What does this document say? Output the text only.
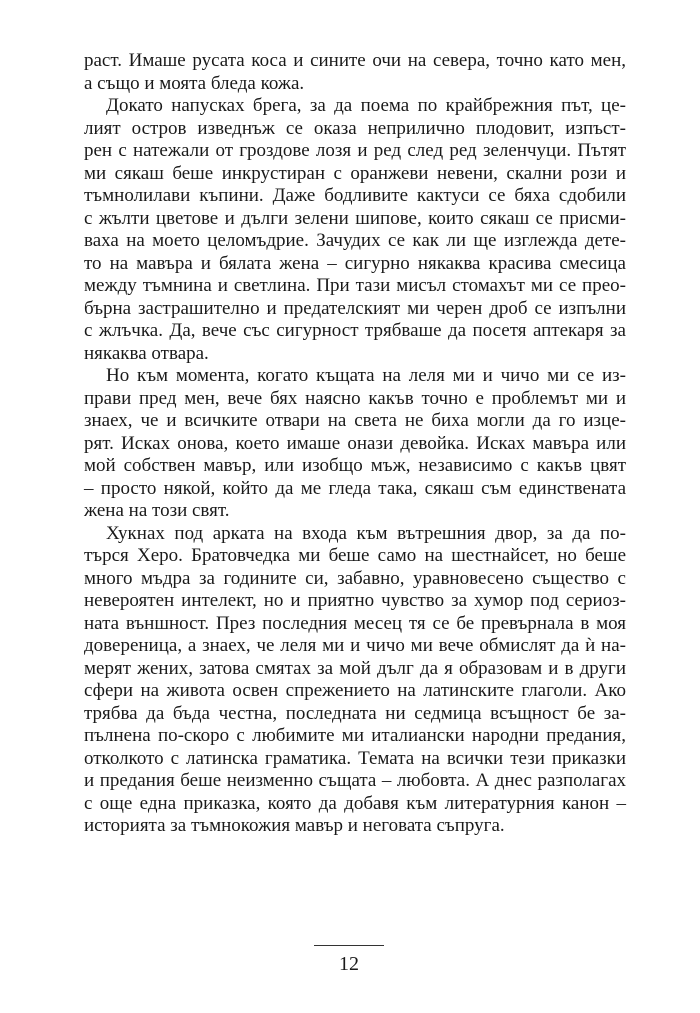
раст. Имаше русата коса и сините очи на севера, точно като мен,
а също и моята бледа кожа.
Докато напусках брега, за да поема по крайбрежния път, це-
лият остров изведнъж се оказа неприлично плодовит, изпъст-
рен с натежали от гроздове лозя и ред след ред зеленчуци. Пътят
ми сякаш беше инкрустиран с оранжеви невени, скални рози и
тъмнолилави къпини. Даже бодливите кактуси се бяха сдобили
с жълти цветове и дълги зелени шипове, които сякаш се присми-
ваха на моето целомъдрие. Зачудих се как ли ще изглежда дете-
то на мавъра и бялата жена – сигурно някаква красива смесица
между тъмнина и светлина. При тази мисъл стомахът ми се прео-
бърна застрашително и предателският ми черен дроб се изпълни
с жлъчка. Да, вече със сигурност трябваше да посетя аптекаря за
някаква отвара.
Но към момента, когато къщата на леля ми и чичо ми се из-
прави пред мен, вече бях наясно какъв точно е проблемът ми и
знаех, че и всичките отвари на света не биха могли да го изцe-
рят. Исках онова, което имаше онази девойка. Исках мавъра или
мой собствен мавър, или изобщо мъж, независимо с какъв цвят
– просто някой, който да ме гледа така, сякаш съм единствената
жена на този свят.
Хукнах под арката на входа към вътрешния двор, за да по-
търся Херо. Братовчедка ми беше само на шестнайсет, но беше
много мъдра за годините си, забавно, уравновесено същество с
невероятен интелект, но и приятно чувство за хумор под сериоз-
ната външност. През последния месец тя се бе превърнала в моя
довереница, а знаех, че леля ми и чичо ми вече обмислят да ѝ на-
мерят жених, затова смятах за мой дълг да я образовам и в други
сфери на живота освен спрежението на латинските глаголи. Ако
трябва да бъда честна, последната ни седмица всъщност бе за-
пълнена по-скоро с любимите ми италиански народни предания,
отколкото с латинска граматика. Темата на всички тези приказки
и предания беше неизменно същата – любовта. А днес разполагах
с още една приказка, която да добавя към литературния канон –
историята за тъмнокожия мавър и неговата съпруга.
12
